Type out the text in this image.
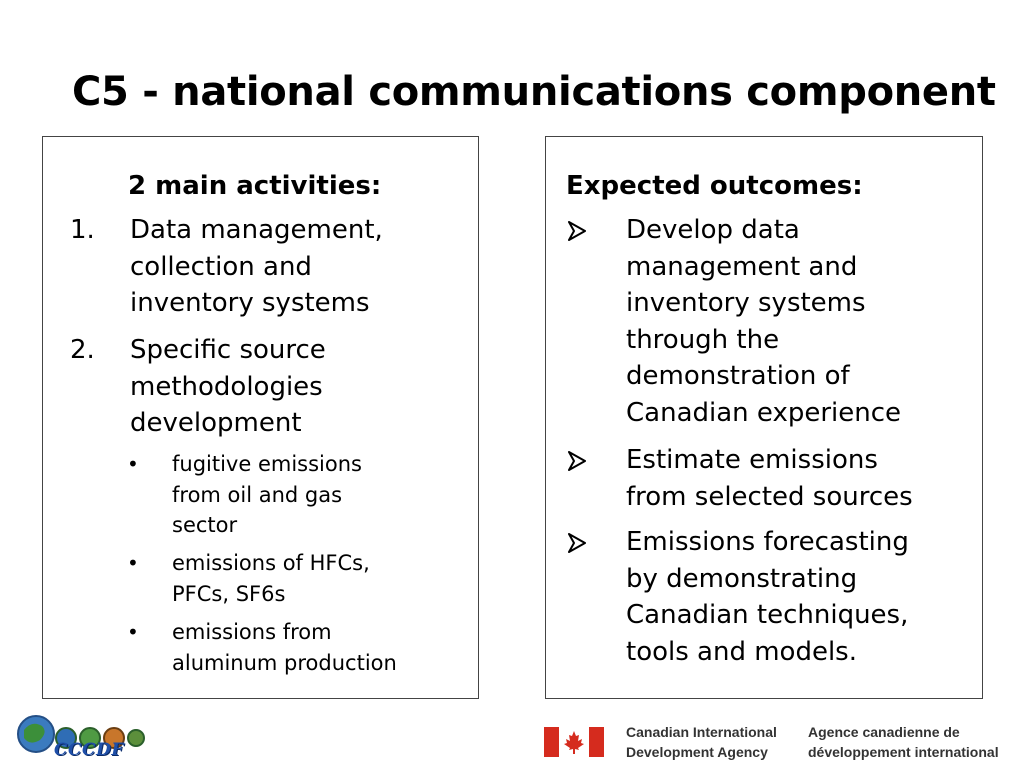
C5 - national communications component
2 main activities:
1. Data management,
collection and
inventory systems
2. Specific source
methodologies
development
• fugitive emissions
from oil and gas
sector
• emissions of HFCs,
PFCs, SF6s
• emissions from
aluminum production
Expected outcomes:
Develop data
management and
inventory systems
through the
demonstration of
Canadian experience
Estimate emissions
from selected sources
Emissions forecasting
by demonstrating
Canadian techniques,
tools and models.
CCCDF
Canadian International
Development Agency
Agence canadienne de
développement international
